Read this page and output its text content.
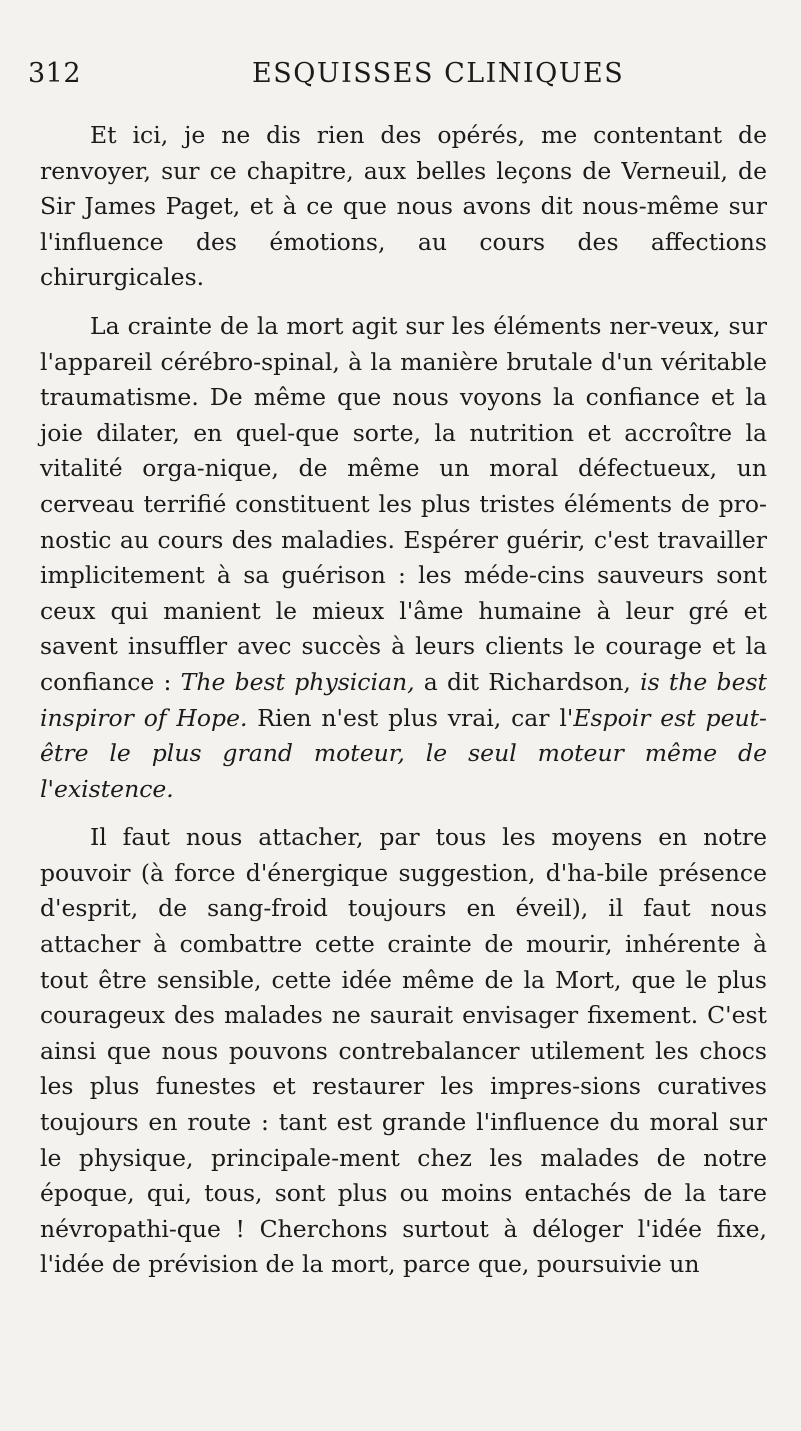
312	ESQUISSES CLINIQUES

Et ici, je ne dis rien des opérés, me contentant de renvoyer, sur ce chapitre, aux belles leçons de Verneuil, de Sir James Paget, et à ce que nous avons dit nous-même sur l'influence des émotions, au cours des affections chirurgicales.

La crainte de la mort agit sur les éléments ner-veux, sur l'appareil cérébro-spinal, à la manière brutale d'un véritable traumatisme. De même que nous voyons la confiance et la joie dilater, en quel-que sorte, la nutrition et accroître la vitalité orga-nique, de même un moral défectueux, un cerveau terrifié constituent les plus tristes éléments de pro-nostic au cours des maladies. Espérer guérir, c'est travailler implicitement à sa guérison : les méde-cins sauveurs sont ceux qui manient le mieux l'âme humaine à leur gré et savent insuffler avec succès à leurs clients le courage et la confiance : The best physician, a dit Richardson, is the best inspiror of Hope. Rien n'est plus vrai, car l'Espoir est peut-être le plus grand moteur, le seul moteur même de l'existence.

Il faut nous attacher, par tous les moyens en notre pouvoir (à force d'énergique suggestion, d'ha-bile présence d'esprit, de sang-froid toujours en éveil), il faut nous attacher à combattre cette crainte de mourir, inhérente à tout être sensible, cette idée même de la Mort, que le plus courageux des malades ne saurait envisager fixement. C'est ainsi que nous pouvons contrebalancer utilement les chocs les plus funestes et restaurer les impres-sions curatives toujours en route : tant est grande l'influence du moral sur le physique, principale-ment chez les malades de notre époque, qui, tous, sont plus ou moins entachés de la tare névropathi-que ! Cherchons surtout à déloger l'idée fixe, l'idée de prévision de la mort, parce que, poursuivie un
